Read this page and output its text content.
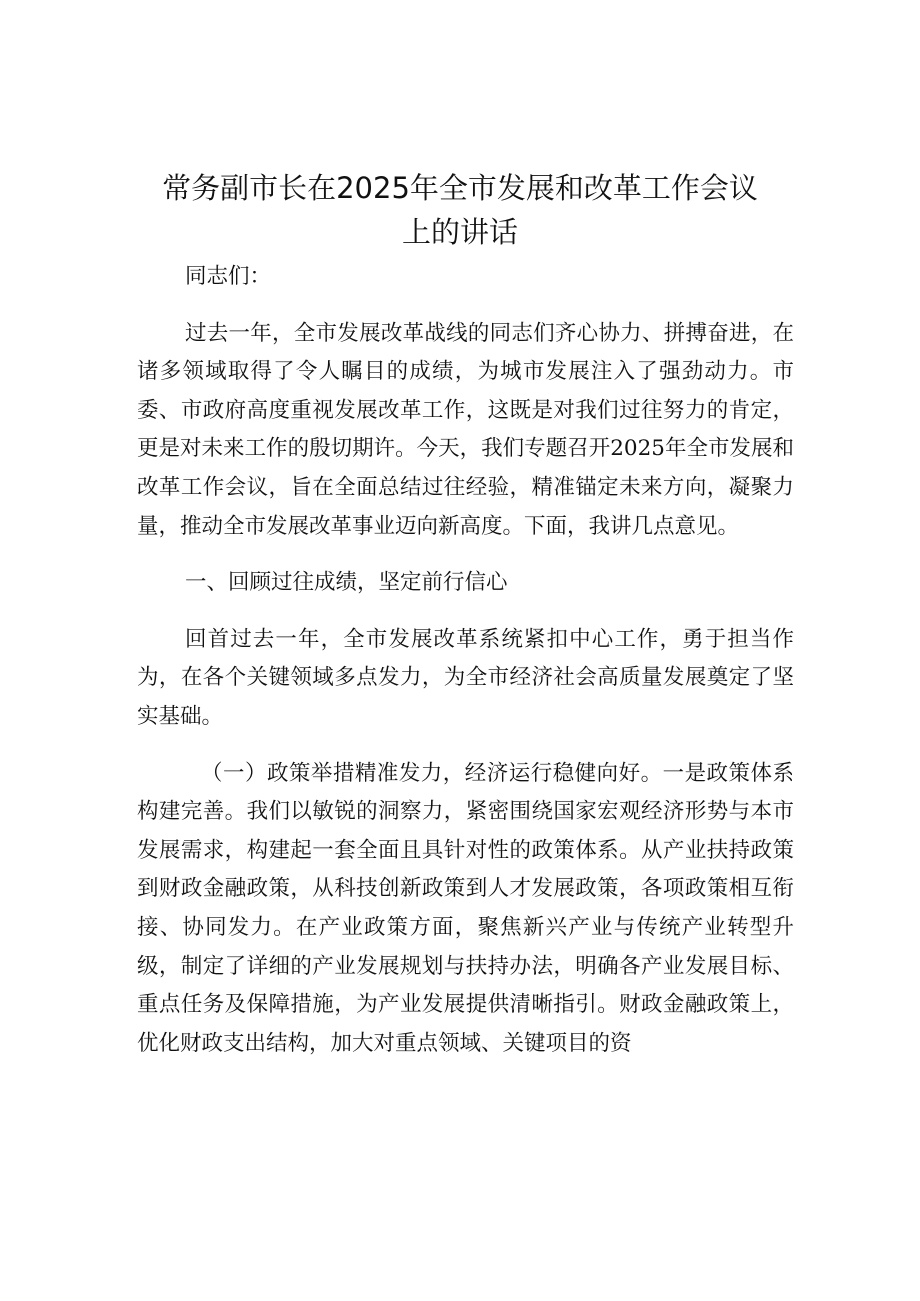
常务副市长在2025年全市发展和改革工作会议
上的讲话

同志们：

过去一年，全市发展改革战线的同志们齐心协力、拼搏奋进，在诸多领域取得了令人瞩目的成绩，为城市发展注入了强劲动力。市委、市政府高度重视发展改革工作，这既是对我们过往努力的肯定，更是对未来工作的殷切期许。今天，我们专题召开2025年全市发展和改革工作会议，旨在全面总结过往经验，精准锚定未来方向，凝聚力量，推动全市发展改革事业迈向新高度。下面，我讲几点意见。

一、回顾过往成绩，坚定前行信心

回首过去一年，全市发展改革系统紧扣中心工作，勇于担当作为，在各个关键领域多点发力，为全市经济社会高质量发展奠定了坚实基础。

（一）政策举措精准发力，经济运行稳健向好。一是政策体系构建完善。我们以敏锐的洞察力，紧密围绕国家宏观经济形势与本市发展需求，构建起一套全面且具针对性的政策体系。从产业扶持政策到财政金融政策，从科技创新政策到人才发展政策，各项政策相互衔接、协同发力。在产业政策方面，聚焦新兴产业与传统产业转型升级，制定了详细的产业发展规划与扶持办法，明确各产业发展目标、重点任务及保障措施，为产业发展提供清晰指引。财政金融政策上，优化财政支出结构，加大对重点领域、关键项目的资
